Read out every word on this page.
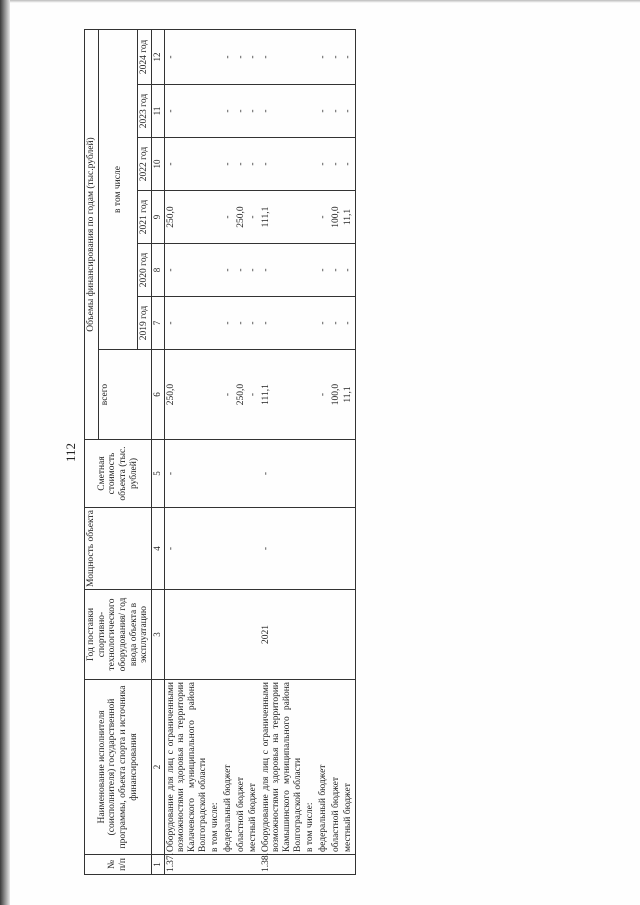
112
№ п/п	Наименование исполнителя (соисполнителя) государственной программы, объекта спорта и источника финансирования	Год поставки спортивно-технологического оборудования/ год ввода объекта в эксплуатацию	Мощность объекта	Сметная стоимость объекта (тыс. рублей)	Объемы финансирования по годам (тыс.рублей)						
					всего	в том числе					
						2019 год	2020 год	2021 год	2022 год	2023 год	2024 год
1	2	3	4	5	6	7	8	9	10	11	12
1.37.	Оборудование для лиц с ограниченными возможностями здоровья на территории Калачевского муниципального района Волгоградской области		-	-	250,0	-	-	250,0	-	-	-
	в том числе:										
	федеральный бюджет				-	-	-	-	-	-	-
	областной бюджет				250,0	-	-	250,0	-	-	-
	местный бюджет				-	-	-	-	-	-	-
1.38.	Оборудование для лиц с ограниченными возможностями здоровья на территории Камышинского муниципального района Волгоградской области	2021	-	-	111,1	-	-	111,1	-	-	-
	в том числе:										
	федеральный бюджет				-	-	-	-	-	-	-
	областной бюджет				100,0	-	-	100,0	-	-	-
	местный бюджет				11,1	-	-	11,1	-	-	-
